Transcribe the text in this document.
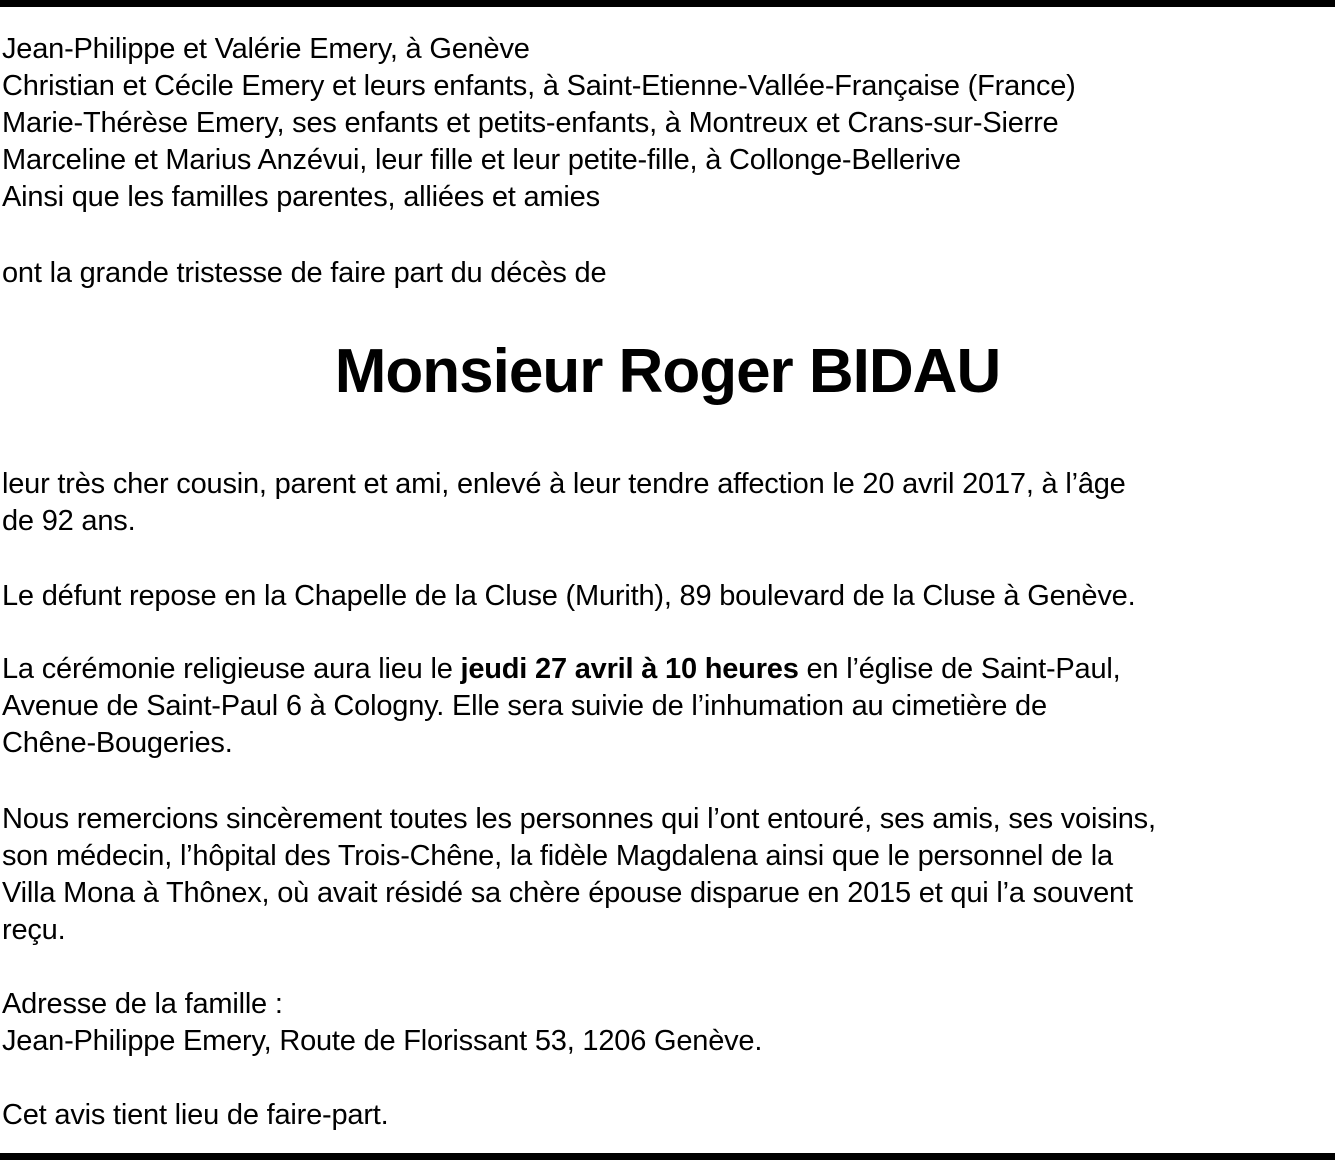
Jean-Philippe et Valérie Emery, à Genève
Christian et Cécile Emery et leurs enfants, à Saint-Etienne-Vallée-Française (France)
Marie-Thérèse Emery, ses enfants et petits-enfants, à Montreux et Crans-sur-Sierre
Marceline et Marius Anzévui, leur fille et leur petite-fille, à Collonge-Bellerive
Ainsi que les familles parentes, alliées et amies
ont la grande tristesse de faire part du décès de
Monsieur Roger BIDAU
leur très cher cousin, parent et ami, enlevé à leur tendre affection le 20 avril 2017, à l’âge
de 92 ans.
Le défunt repose en la Chapelle de la Cluse (Murith), 89 boulevard de la Cluse à Genève.
La cérémonie religieuse aura lieu le jeudi 27 avril à 10 heures en l’église de Saint-Paul,
Avenue de Saint-Paul 6 à Cologny. Elle sera suivie de l’inhumation au cimetière de
Chêne-Bougeries.
Nous remercions sincèrement toutes les personnes qui l’ont entouré, ses amis, ses voisins,
son médecin, l’hôpital des Trois-Chêne, la fidèle Magdalena ainsi que le personnel de la
Villa Mona à Thônex, où avait résidé sa chère épouse disparue en 2015 et qui l’a souvent
reçu.
Adresse de la famille :
Jean-Philippe Emery, Route de Florissant 53, 1206 Genève.
Cet avis tient lieu de faire-part.
